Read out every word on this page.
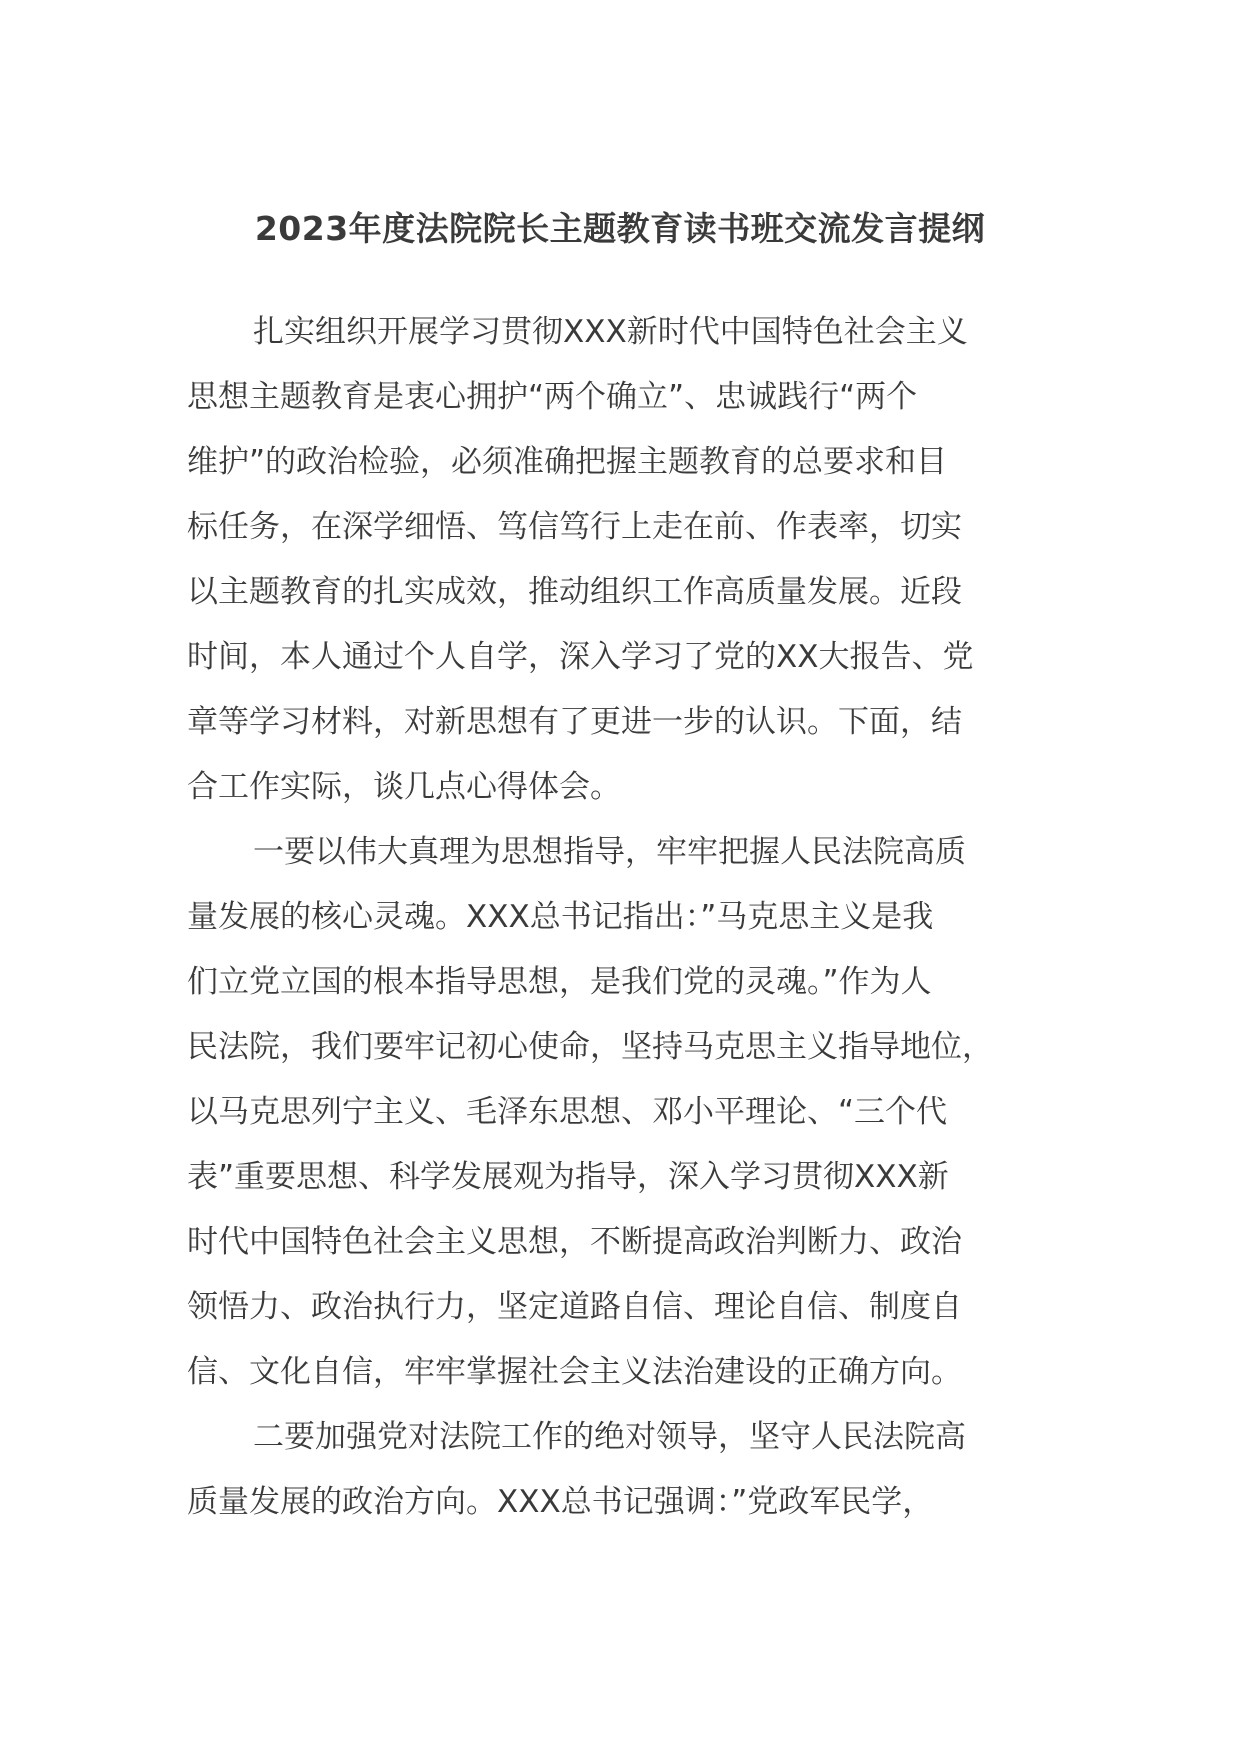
2023年度法院院长主题教育读书班交流发言提纲
扎实组织开展学习贯彻XXX新时代中国特色社会主义
思想主题教育是衷心拥护“两个确立”、忠诚践行“两个
维护”的政治检验，必须准确把握主题教育的总要求和目
标任务，在深学细悟、笃信笃行上走在前、作表率，切实
以主题教育的扎实成效，推动组织工作高质量发展。近段
时间，本人通过个人自学，深入学习了党的XX大报告、党
章等学习材料，对新思想有了更进一步的认识。下面，结
合工作实际，谈几点心得体会。
一要以伟大真理为思想指导，牢牢把握人民法院高质
量发展的核心灵魂。XXX总书记指出：”马克思主义是我
们立党立国的根本指导思想，是我们党的灵魂。”作为人
民法院，我们要牢记初心使命，坚持马克思主义指导地位，
以马克思列宁主义、毛泽东思想、邓小平理论、“三个代
表”重要思想、科学发展观为指导，深入学习贯彻XXX新
时代中国特色社会主义思想，不断提高政治判断力、政治
领悟力、政治执行力，坚定道路自信、理论自信、制度自
信、文化自信，牢牢掌握社会主义法治建设的正确方向。
二要加强党对法院工作的绝对领导，坚守人民法院高
质量发展的政治方向。XXX总书记强调：”党政军民学，
